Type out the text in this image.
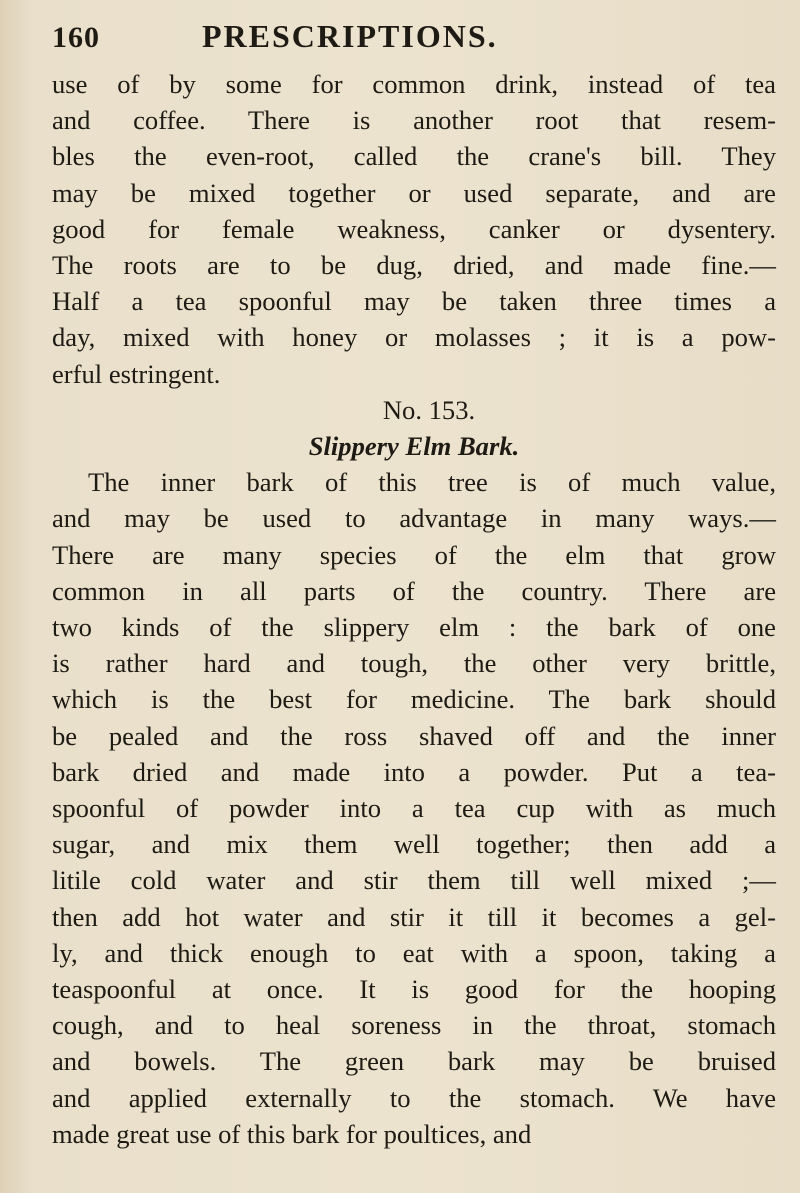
160	PRESCRIPTIONS.
use of by some for common drink, instead of tea
and coffee. There is another root that resem-
bles the even-root, called the crane's bill. They
may be mixed together or used separate, and are
good for female weakness, canker or dysentery.
The roots are to be dug, dried, and made fine.—
Half a tea spoonful may be taken three times a
day, mixed with honey or molasses ; it is a pow-
erful estringent.
No. 153.
Slippery Elm Bark.
The inner bark of this tree is of much value,
and may be used to advantage in many ways.—
There are many species of the elm that grow
common in all parts of the country. There are
two kinds of the slippery elm : the bark of one
is rather hard and tough, the other very brittle,
which is the best for medicine. The bark should
be pealed and the ross shaved off and the inner
bark dried and made into a powder. Put a tea-
spoonful of powder into a tea cup with as much
sugar, and mix them well together; then add a
litile cold water and stir them till well mixed ;—
then add hot water and stir it till it becomes a gel-
ly, and thick enough to eat with a spoon, taking a
teaspoonful at once. It is good for the hooping
cough, and to heal soreness in the throat, stomach
and bowels. The green bark may be bruised
and applied externally to the stomach. We have
made great use of this bark for poultices, and
